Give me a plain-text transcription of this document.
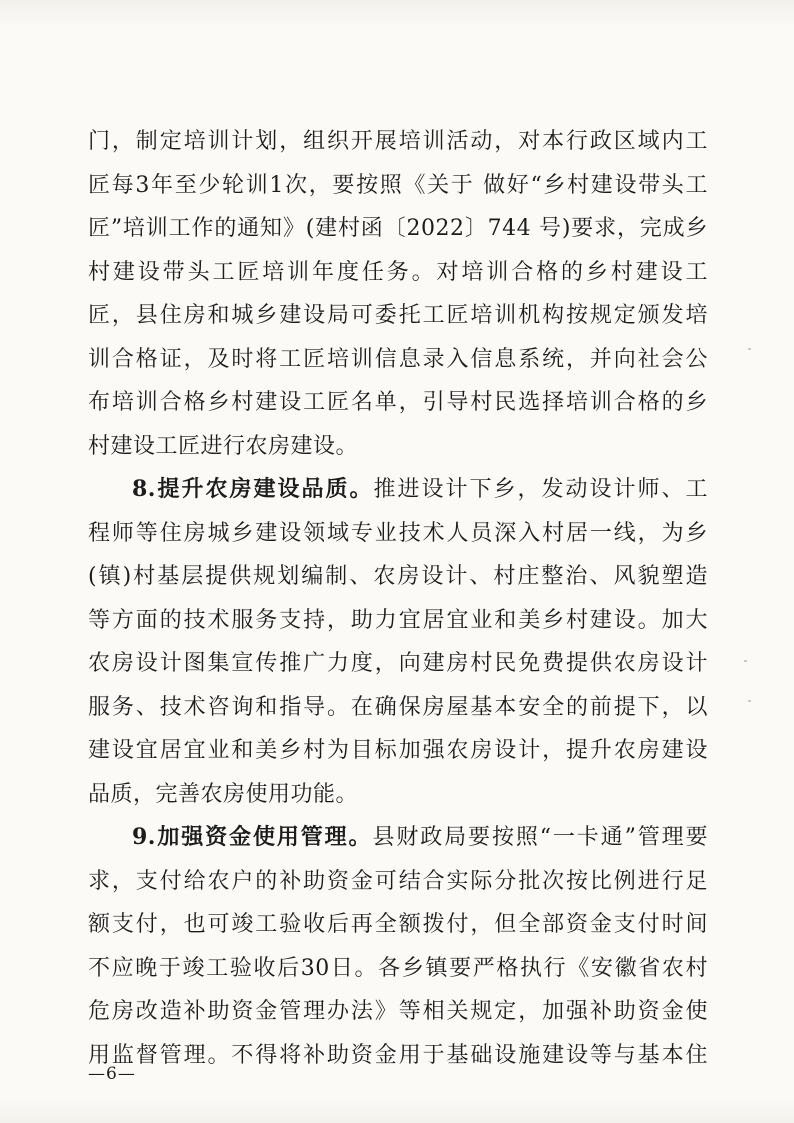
门，制定培训计划，组织开展培训活动，对本行政区域内工
匠每3年至少轮训1次，要按照《关于 做好“乡村建设带头工
匠”培训工作的通知》(建村函〔2022〕744 号)要求，完成乡
村建设带头工匠培训年度任务。对培训合格的乡村建设工
匠，县住房和城乡建设局可委托工匠培训机构按规定颁发培
训合格证，及时将工匠培训信息录入信息系统，并向社会公
布培训合格乡村建设工匠名单，引导村民选择培训合格的乡
村建设工匠进行农房建设。
8.提升农房建设品质。推进设计下乡，发动设计师、工
程师等住房城乡建设领域专业技术人员深入村居一线，为乡
(镇)村基层提供规划编制、农房设计、村庄整治、风貌塑造
等方面的技术服务支持，助力宜居宜业和美乡村建设。加大
农房设计图集宣传推广力度，向建房村民免费提供农房设计
服务、技术咨询和指导。在确保房屋基本安全的前提下，以
建设宜居宜业和美乡村为目标加强农房设计，提升农房建设
品质，完善农房使用功能。
9.加强资金使用管理。县财政局要按照“一卡通”管理要
求，支付给农户的补助资金可结合实际分批次按比例进行足
额支付，也可竣工验收后再全额拨付，但全部资金支付时间
不应晚于竣工验收后30日。各乡镇要严格执行《安徽省农村
危房改造补助资金管理办法》等相关规定，加强补助资金使
用监督管理。不得将补助资金用于基础设施建设等与基本住
—6—
